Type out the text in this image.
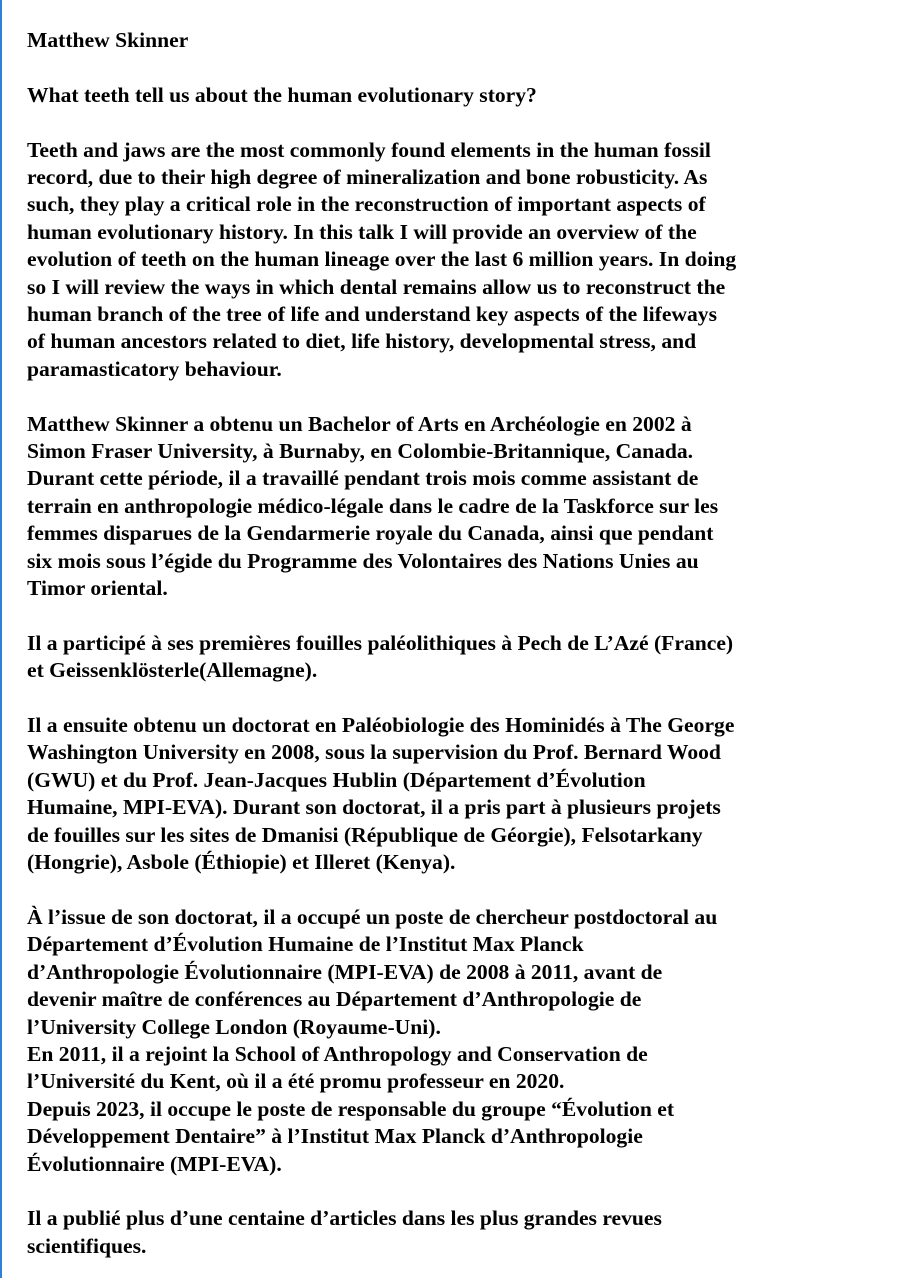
Matthew Skinner

What teeth tell us about the human evolutionary story?

Teeth and jaws are the most commonly found elements in the human fossil
record, due to their high degree of mineralization and bone robusticity. As
such, they play a critical role in the reconstruction of important aspects of
human evolutionary history. In this talk I will provide an overview of the
evolution of teeth on the human lineage over the last 6 million years. In doing
so I will review the ways in which dental remains allow us to reconstruct the
human branch of the tree of life and understand key aspects of the lifeways
of human ancestors related to diet, life history, developmental stress, and
paramasticatory behaviour.

Matthew Skinner a obtenu un Bachelor of Arts en Archéologie en 2002 à
Simon Fraser University, à Burnaby, en Colombie-Britannique, Canada.
Durant cette période, il a travaillé pendant trois mois comme assistant de
terrain en anthropologie médico-légale dans le cadre de la Taskforce sur les
femmes disparues de la Gendarmerie royale du Canada, ainsi que pendant
six mois sous l’égide du Programme des Volontaires des Nations Unies au
Timor oriental.

Il a participé à ses premières fouilles paléolithiques à Pech de L’Azé (France)
et Geissenklösterle(Allemagne).

Il a ensuite obtenu un doctorat en Paléobiologie des Hominidés à The George
Washington University en 2008, sous la supervision du Prof. Bernard Wood
(GWU) et du Prof. Jean-Jacques Hublin (Département d’Évolution
Humaine, MPI-EVA). Durant son doctorat, il a pris part à plusieurs projets
de fouilles sur les sites de Dmanisi (République de Géorgie), Felsotarkany
(Hongrie), Asbole (Éthiopie) et Illeret (Kenya).

À l’issue de son doctorat, il a occupé un poste de chercheur postdoctoral au
Département d’Évolution Humaine de l’Institut Max Planck
d’Anthropologie Évolutionnaire (MPI-EVA) de 2008 à 2011, avant de
devenir maître de conférences au Département d’Anthropologie de
l’University College London (Royaume-Uni).

En 2011, il a rejoint la School of Anthropology and Conservation de
l’Université du Kent, où il a été promu professeur en 2020.

Depuis 2023, il occupe le poste de responsable du groupe “Évolution et
Développement Dentaire” à l’Institut Max Planck d’Anthropologie
Évolutionnaire (MPI-EVA).

Il a publié plus d’une centaine d’articles dans les plus grandes revues
scientifiques.
